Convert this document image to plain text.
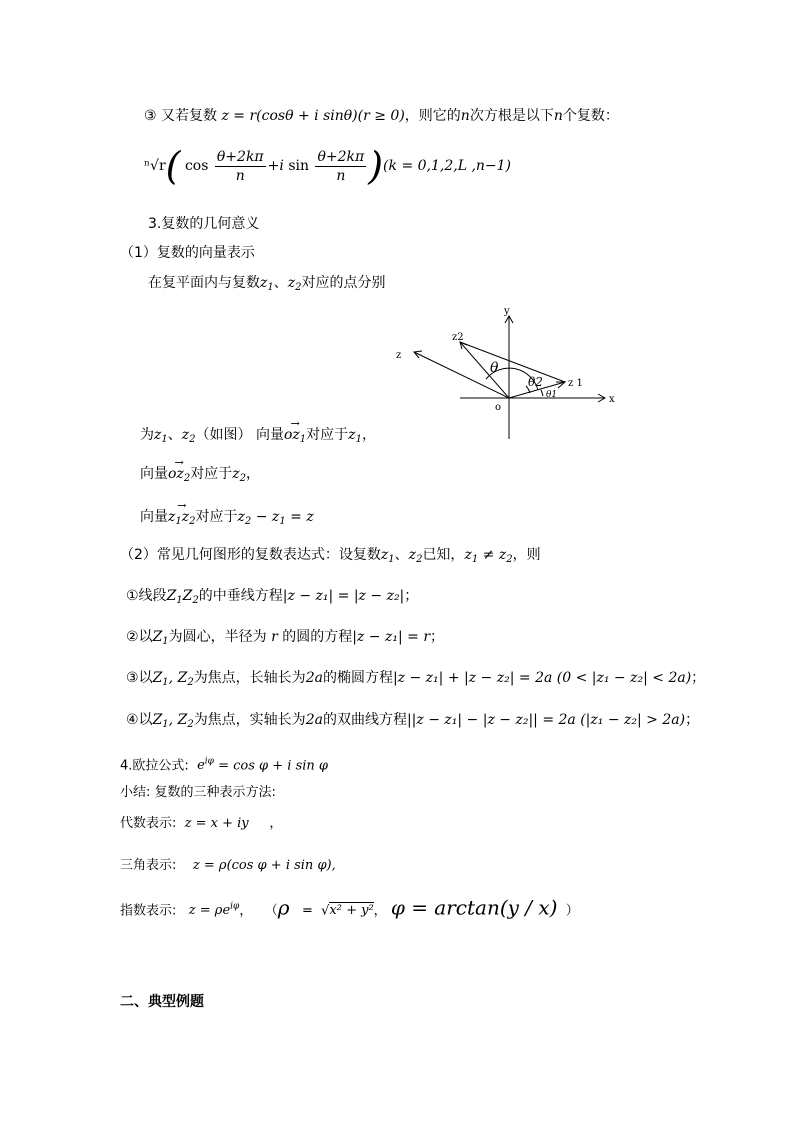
③ 又若复数 z = r(cosθ + i sinθ)(r ≥ 0)，则它的n次方根是以下n个复数：
ⁿ√r( $\cos \frac{\theta+2k\pi}{n} +i$ $\sin \frac{\theta+2k\pi}{n} )(k = 0,1,2,L$ ,n−1)
3.复数的几何意义
（1）复数的向量表示
在复平面内与复数$z_1$、$z_2$对应的点分别
y
x
z
z2
z 1
o
θ
θ2
θ1
为$z_1$、$z_2$（如图） 向量→ $oz_1$对应于$z_1$，
向量→ $oz_2$对应于$z_2$，
向量→ $z_1z_2$对应于$z_2 - z_1 = z$
（2）常见几何图形的复数表达式：设复数$z_1$、$z_2$已知，$z_1 \ne z_2$，则
①线段$Z_1Z_2$的中垂线方程|z − z₁| = |z − z₂|；
②以$Z_1$为圆心，半径为 r 的圆的方程|z − z₁| = r；
③以$Z_1$, $Z_2$为焦点，长轴长为2a的椭圆方程|z − z₁| + |z − z₂| = 2a (0 < |z₁ − z₂| < 2a)；
④以$Z_1$, $Z_2$为焦点，实轴长为2a的双曲线方程||z − z₁| − |z − z₂|| = 2a (|z₁ − z₂| > 2a)；
4.欧拉公式: $e^{i\varphi} = \cos \varphi + i$ sin φ
小结: 复数的三种表示方法:
代数表示: z = x + iy ，
三角表示: z = ρ(cos φ + i sin φ),
指数表示: $z = \rho e^{i\varphi}$， （ρ = √x² + y²， φ = arctan(y / x) ）
二、典型例题
